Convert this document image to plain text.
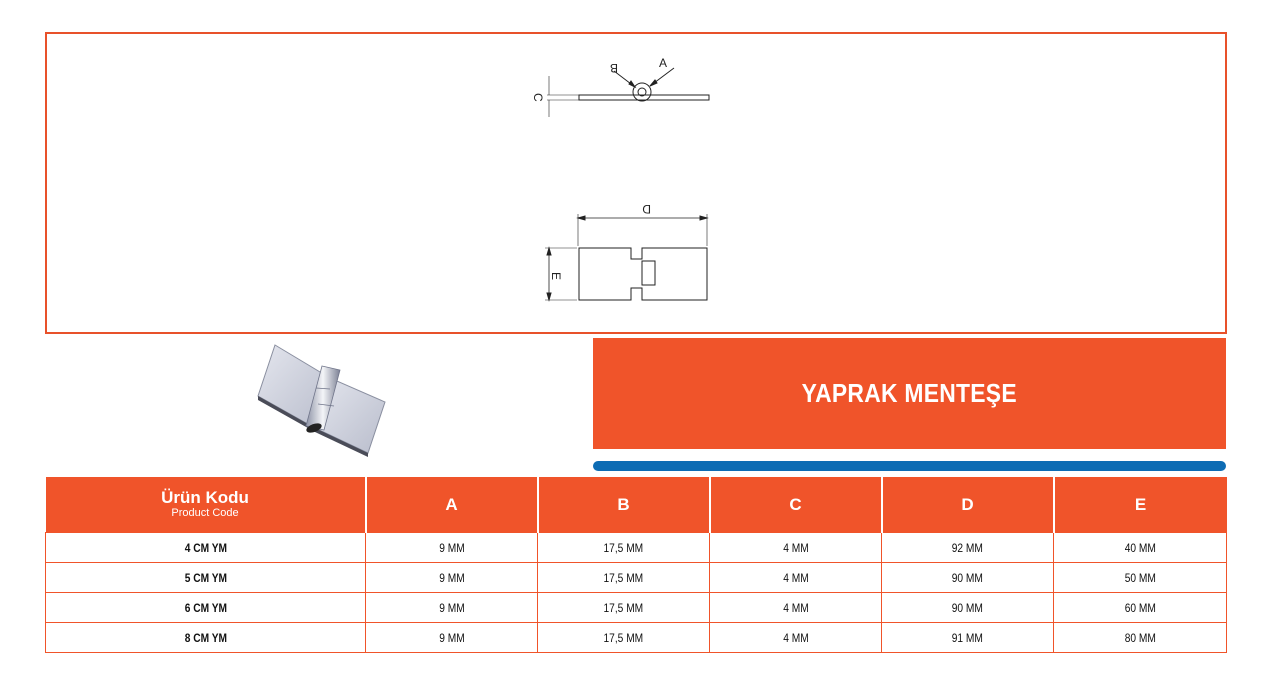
A
B
C
D
E
YAPRAK MENTEŞE
Ürün Kodu
Product Code	A	B	C	D	E

4 CM YM	9 MM	17,5 MM	4 MM	92 MM	40 MM
5 CM YM	9 MM	17,5 MM	4 MM	90 MM	50 MM
6 CM YM	9 MM	17,5 MM	4 MM	90 MM	60 MM
8 CM YM	9 MM	17,5 MM	4 MM	91 MM	80 MM
